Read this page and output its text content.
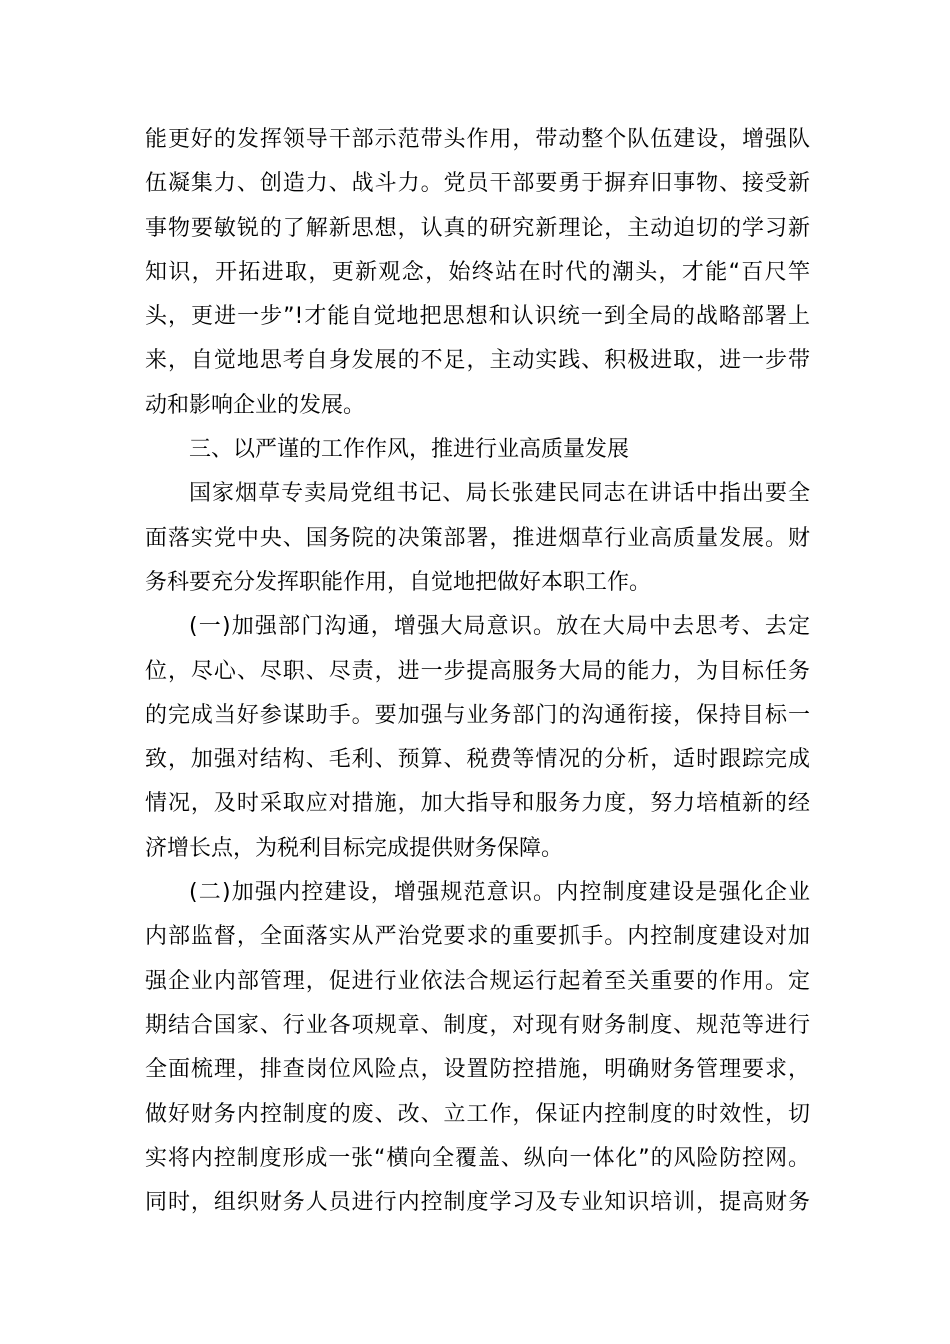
能更好的发挥领导干部示范带头作用，带动整个队伍建设，增强队
伍凝集力、创造力、战斗力。党员干部要勇于摒弃旧事物、接受新
事物要敏锐的了解新思想，认真的研究新理论，主动迫切的学习新
知识，开拓进取，更新观念，始终站在时代的潮头，才能“百尺竿
头，更进一步”!才能自觉地把思想和认识统一到全局的战略部署上
来，自觉地思考自身发展的不足，主动实践、积极进取，进一步带
动和影响企业的发展。
三、以严谨的工作作风，推进行业高质量发展
国家烟草专卖局党组书记、局长张建民同志在讲话中指出要全
面落实党中央、国务院的决策部署，推进烟草行业高质量发展。财
务科要充分发挥职能作用，自觉地把做好本职工作。
(一)加强部门沟通，增强大局意识。放在大局中去思考、去定
位，尽心、尽职、尽责，进一步提高服务大局的能力，为目标任务
的完成当好参谋助手。要加强与业务部门的沟通衔接，保持目标一
致，加强对结构、毛利、预算、税费等情况的分析，适时跟踪完成
情况，及时采取应对措施，加大指导和服务力度，努力培植新的经
济增长点，为税利目标完成提供财务保障。
(二)加强内控建设，增强规范意识。内控制度建设是强化企业
内部监督，全面落实从严治党要求的重要抓手。内控制度建设对加
强企业内部管理，促进行业依法合规运行起着至关重要的作用。定
期结合国家、行业各项规章、制度，对现有财务制度、规范等进行
全面梳理，排查岗位风险点，设置防控措施，明确财务管理要求，
做好财务内控制度的废、改、立工作，保证内控制度的时效性，切
实将内控制度形成一张“横向全覆盖、纵向一体化”的风险防控网。
同时，组织财务人员进行内控制度学习及专业知识培训，提高财务
